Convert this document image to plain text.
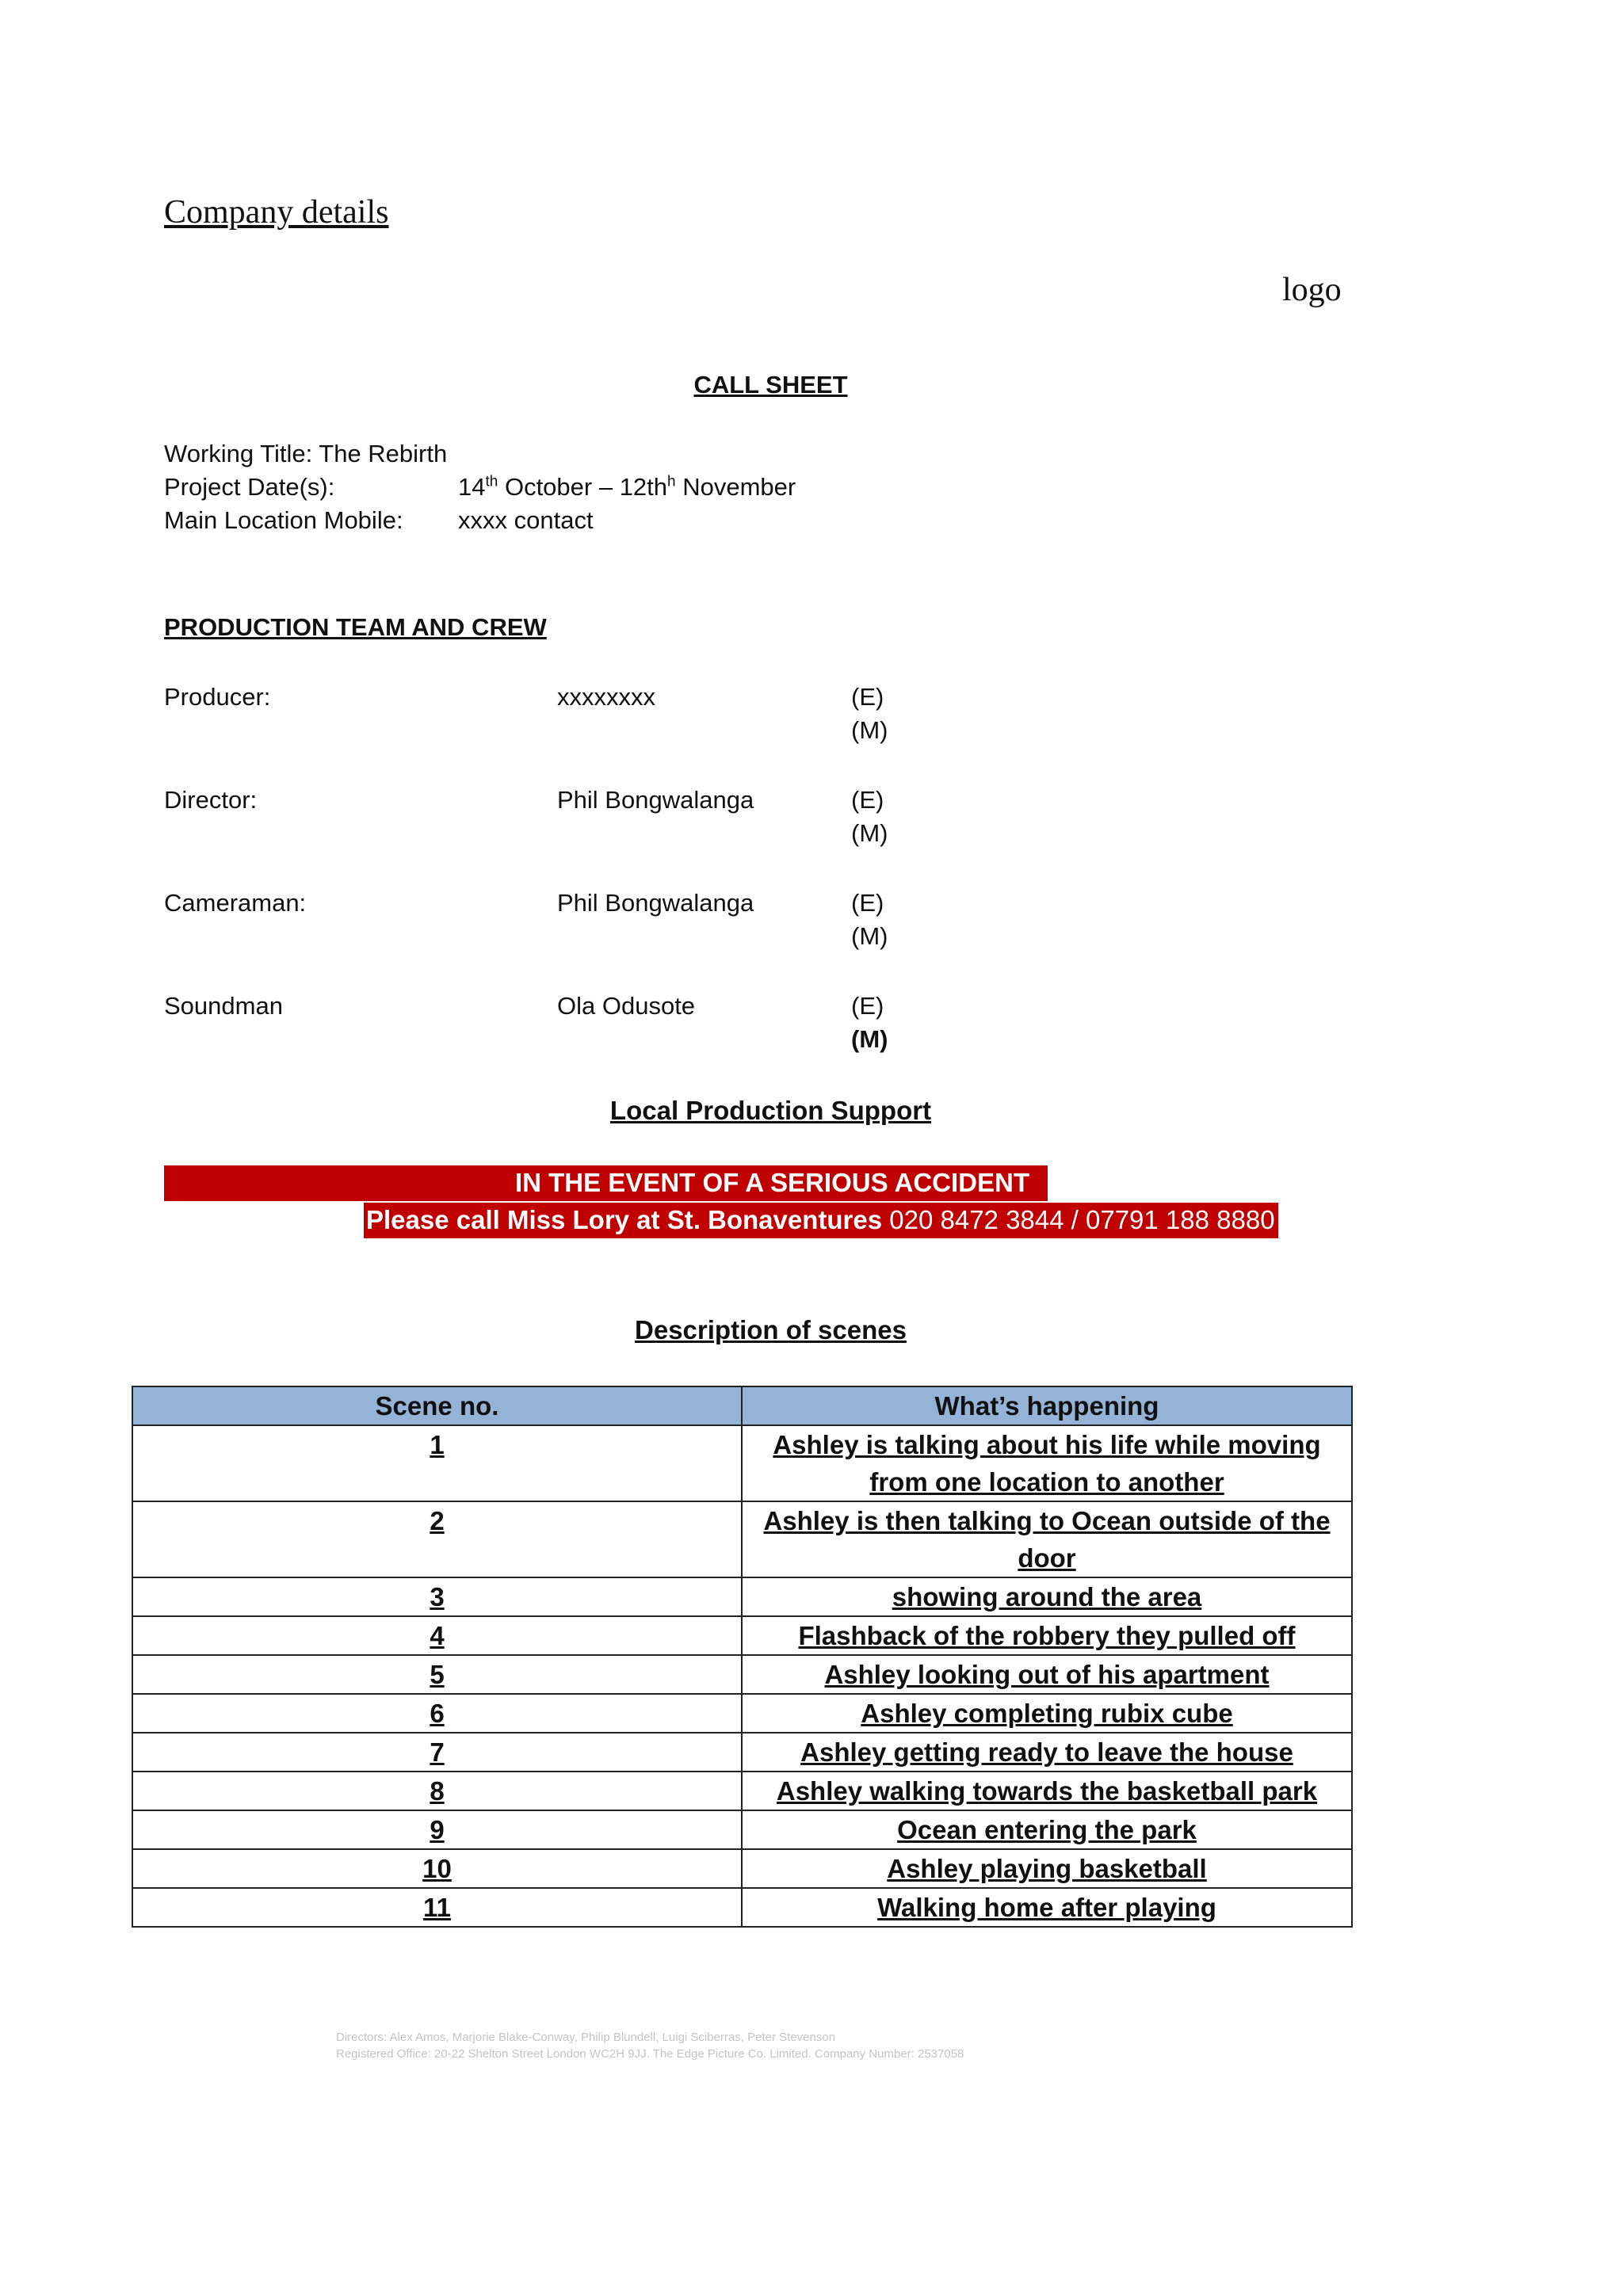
Company details
logo
CALL SHEET
Working Title: The Rebirth
Project Date(s):	14th October – $12th^h$ November
Main Location Mobile: xxxx contact
PRODUCTION TEAM AND CREW
Producer:	xxxxxxxx	(E)
(M)
Director:	Phil Bongwalanga	(E)
(M)
Cameraman:	Phil Bongwalanga	(E)
(M)
Soundman	Ola Odusote	(E)
(M)
Local Production Support
IN THE EVENT OF A SERIOUS ACCIDENT
Please call Miss Lory at St. Bonaventures 020 8472 3844 / 07791 188 8880
Description of scenes
Scene no.	What’s happening
1	Ashley is talking about his life while moving from one location to another
2	Ashley is then talking to Ocean outside of the door
3	showing around the area
4	Flashback of the robbery they pulled off
5	Ashley looking out of his apartment
6	Ashley completing rubix cube
7	Ashley getting ready to leave the house
8	Ashley walking towards the basketball park
9	Ocean entering the park
10	Ashley playing basketball
11	Walking home after playing
Directors: Alex Amos, Marjorie Blake-Conway, Philip Blundell, Luigi Sciberras, Peter Stevenson
Registered Office: 20-22 Shelton Street London WC2H 9JJ. The Edge Picture Co. Limited. Company Number: 2537058
